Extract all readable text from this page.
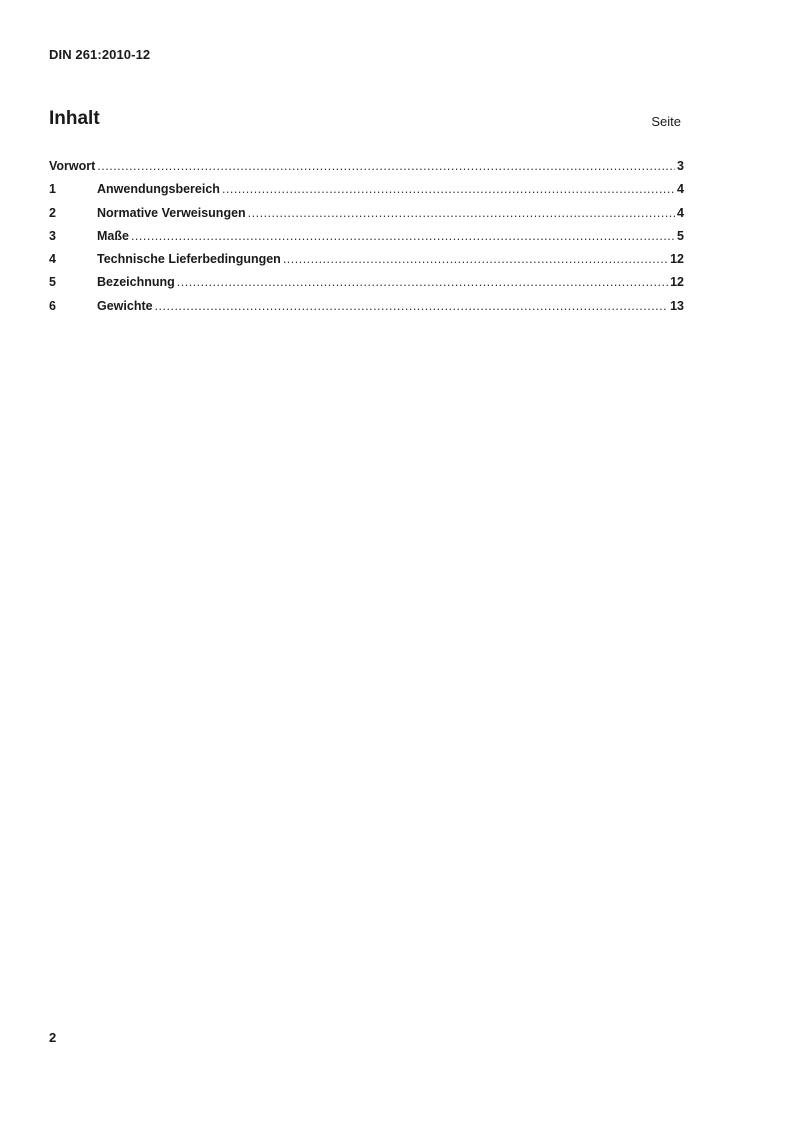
DIN 261:2010-12
Inhalt	Seite
Vorwort .....	3
1	Anwendungsbereich .....	4
2	Normative Verweisungen .....	4
3	Maße .....	5
4	Technische Lieferbedingungen .....	12
5	Bezeichnung .....	12
6	Gewichte .....	13
2
